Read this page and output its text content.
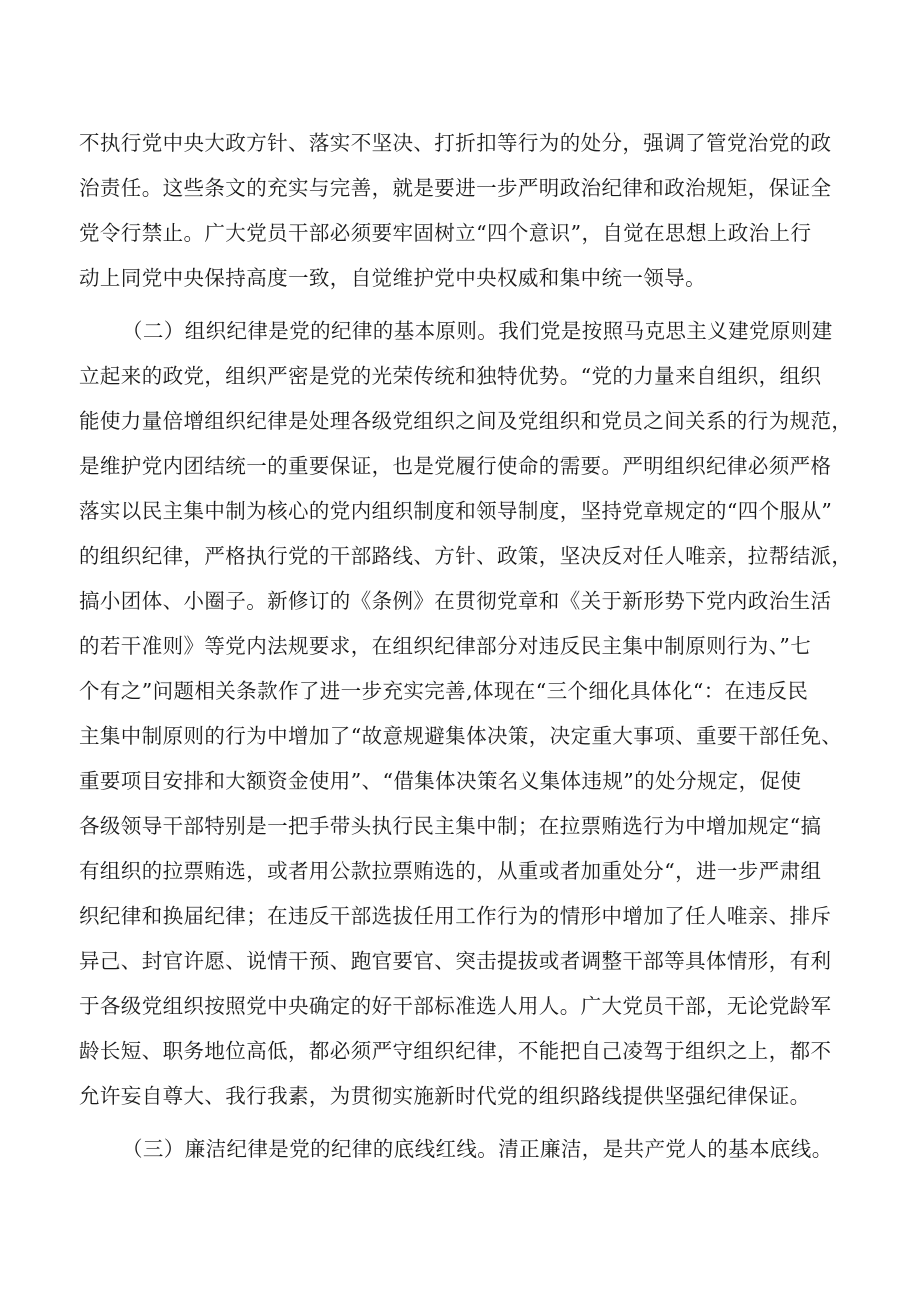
不执行党中央大政方针、落实不坚决、打折扣等行为的处分，强调了管党治党的政
治责任。这些条文的充实与完善，就是要进一步严明政治纪律和政治规矩，保证全
党令行禁止。广大党员干部必须要牢固树立“四个意识”，自觉在思想上政治上行
动上同党中央保持高度一致，自觉维护党中央权威和集中统一领导。
（二）组织纪律是党的纪律的基本原则。我们党是按照马克思主义建党原则建
立起来的政党，组织严密是党的光荣传统和独特优势。“党的力量来自组织，组织
能使力量倍增组织纪律是处理各级党组织之间及党组织和党员之间关系的行为规范，
是维护党内团结统一的重要保证，也是党履行使命的需要。严明组织纪律必须严格
落实以民主集中制为核心的党内组织制度和领导制度，坚持党章规定的“四个服从”
的组织纪律，严格执行党的干部路线、方针、政策，坚决反对任人唯亲，拉帮结派，
搞小团体、小圈子。新修订的《条例》在贯彻党章和《关于新形势下党内政治生活
的若干准则》等党内法规要求，在组织纪律部分对违反民主集中制原则行为、”七
个有之”问题相关条款作了进一步充实完善,体现在“三个细化具体化“：在违反民
主集中制原则的行为中增加了“故意规避集体决策，决定重大事项、重要干部任免、
重要项目安排和大额资金使用”、“借集体决策名义集体违规”的处分规定，促使
各级领导干部特别是一把手带头执行民主集中制；在拉票贿选行为中增加规定“搞
有组织的拉票贿选，或者用公款拉票贿选的，从重或者加重处分“，进一步严肃组
织纪律和换届纪律；在违反干部选拔任用工作行为的情形中增加了任人唯亲、排斥
异己、封官许愿、说情干预、跑官要官、突击提拔或者调整干部等具体情形，有利
于各级党组织按照党中央确定的好干部标准选人用人。广大党员干部，无论党龄军
龄长短、职务地位高低，都必须严守组织纪律，不能把自己凌驾于组织之上，都不
允许妄自尊大、我行我素，为贯彻实施新时代党的组织路线提供坚强纪律保证。
（三）廉洁纪律是党的纪律的底线红线。清正廉洁，是共产党人的基本底线。
